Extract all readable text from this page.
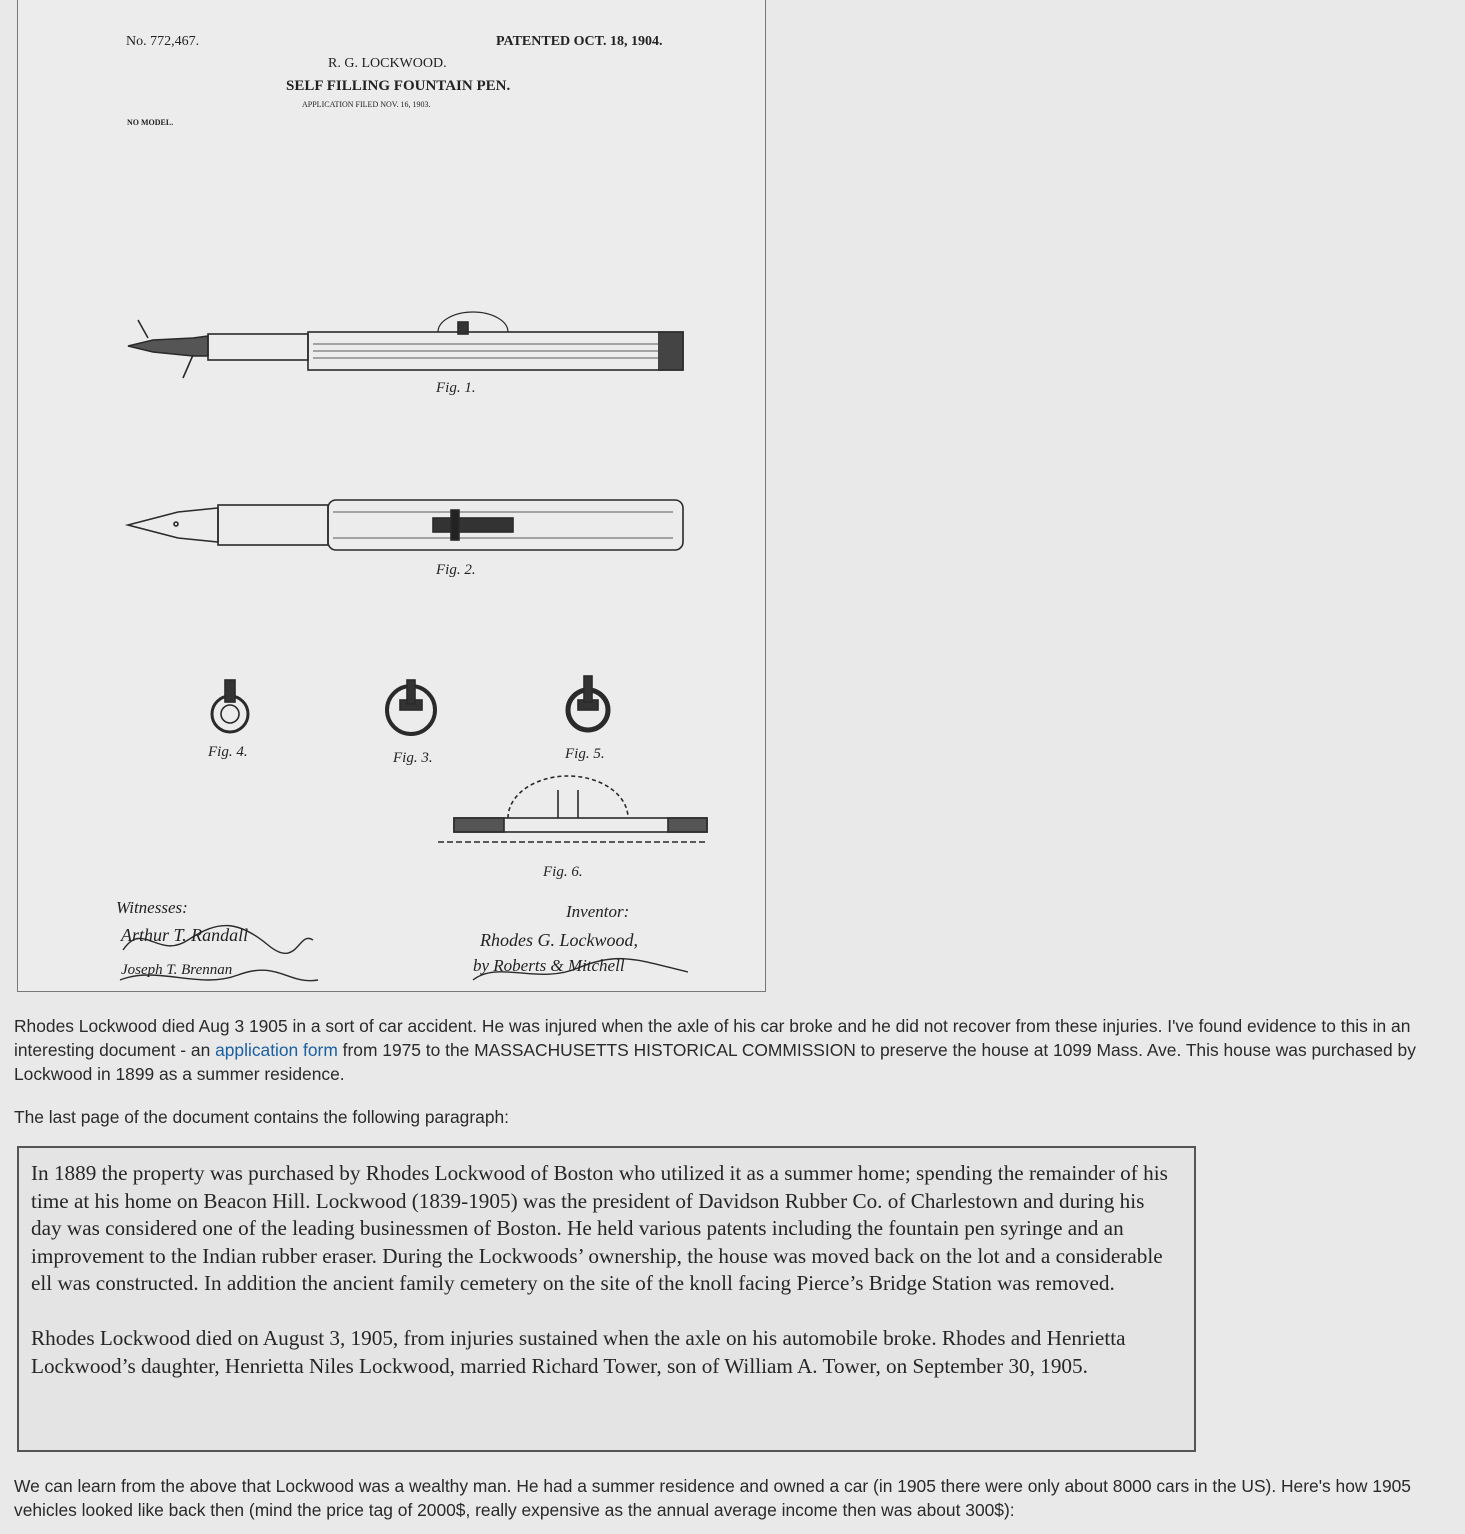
No. 772,467.	PATENTED OCT. 18, 1904.
R. G. LOCKWOOD.
SELF FILLING FOUNTAIN PEN.
APPLICATION FILED NOV. 16, 1903.
NO MODEL.
Fig. 1.
Fig. 2.
Fig. 3.
Fig. 4.	Fig. 5.
Fig. 6.
Witnesses:
Arthur T. Randall
Joseph T. Brennan
Inventor:
Rhodes G. Lockwood,
by Roberts & Mitchell
Rhodes Lockwood died Aug 3 1905 in a sort of car accident. He was injured when the axle of his car broke and he did not recover from these injuries. I've found evidence to this in an interesting document - an application form from 1975 to the MASSACHUSETTS HISTORICAL COMMISSION to preserve the house at 1099 Mass. Ave. This house was purchased by Lockwood in 1899 as a summer residence.
The last page of the document contains the following paragraph:

In 1889 the property was purchased by Rhodes Lockwood of Boston who utilized it as a summer home; spending the remainder of his time at his home on Beacon Hill. Lockwood (1839-1905) was the president of Davidson Rubber Co. of Charlestown and during his day was considered one of the leading businessmen of Boston. He held various patents including the fountain pen syringe and an improvement to the Indian rubber eraser. During the Lockwoods’ ownership, the house was moved back on the lot and a considerable ell was constructed. In addition the ancient family cemetery on the site of the knoll facing Pierce’s Bridge Station was removed.

Rhodes Lockwood died on August 3, 1905, from injuries sustained when the axle on his automobile broke. Rhodes and Henrietta Lockwood’s daughter, Henrietta Niles Lockwood, married Richard Tower, son of William A. Tower, on September 30, 1905.

We can learn from the above that Lockwood was a wealthy man. He had a summer residence and owned a car (in 1905 there were only about 8000 cars in the US). Here's how 1905 vehicles looked like back then (mind the price tag of 2000$, really expensive as the annual average income then was about 300$):
